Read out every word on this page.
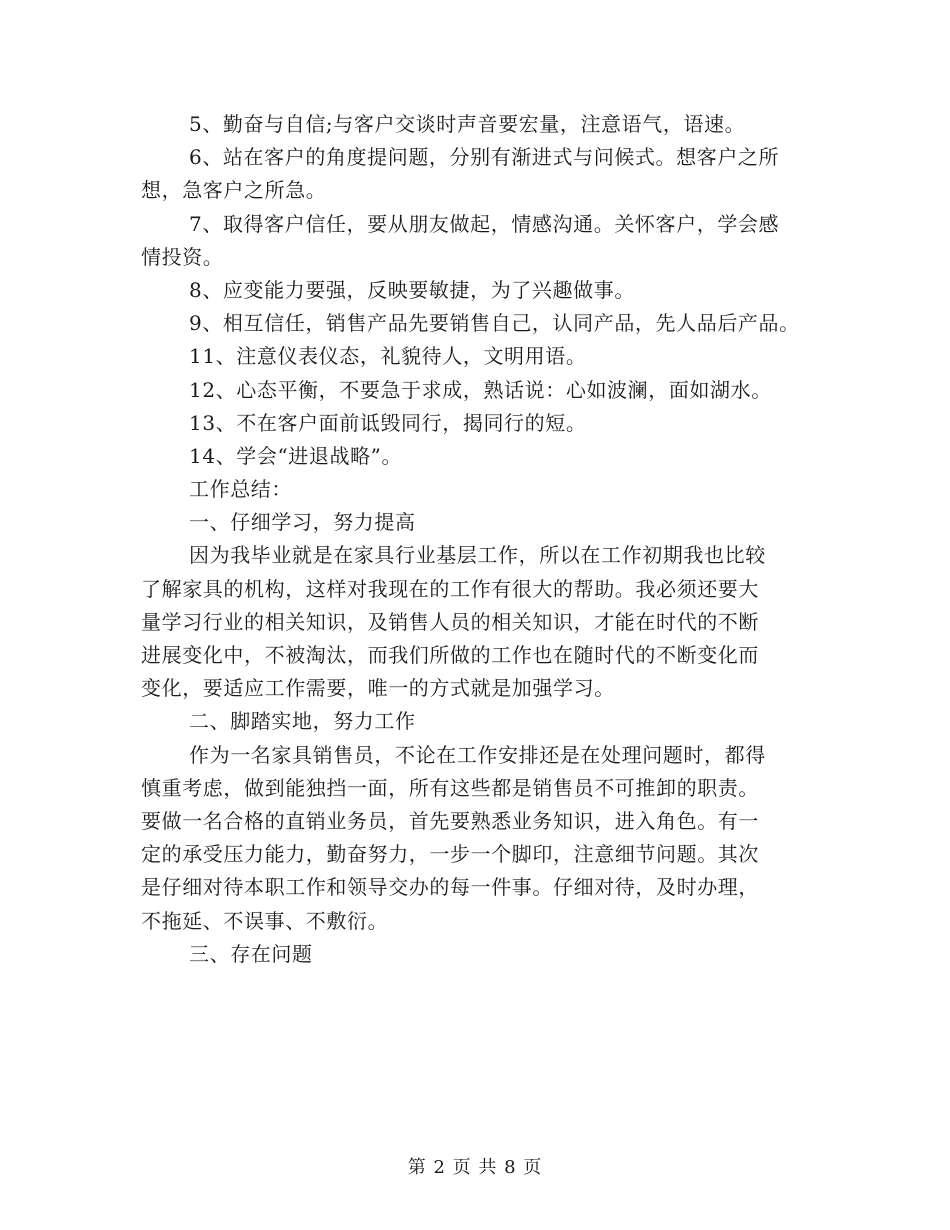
5、勤奋与自信;与客户交谈时声音要宏量，注意语气，语速。
6、站在客户的角度提问题，分别有渐进式与问候式。想客户之所
想，急客户之所急。
7、取得客户信任，要从朋友做起，情感沟通。关怀客户，学会感
情投资。
8、应变能力要强，反映要敏捷，为了兴趣做事。
9、相互信任，销售产品先要销售自己，认同产品，先人品后产品。
11、注意仪表仪态，礼貌待人，文明用语。
12、心态平衡，不要急于求成，熟话说：心如波澜，面如湖水。
13、不在客户面前诋毁同行，揭同行的短。
14、学会“进退战略”。
工作总结：
一、仔细学习，努力提高
因为我毕业就是在家具行业基层工作，所以在工作初期我也比较
了解家具的机构，这样对我现在的工作有很大的帮助。我必须还要大
量学习行业的相关知识，及销售人员的相关知识，才能在时代的不断
进展变化中，不被淘汰，而我们所做的工作也在随时代的不断变化而
变化，要适应工作需要，唯一的方式就是加强学习。
二、脚踏实地，努力工作
作为一名家具销售员，不论在工作安排还是在处理问题时，都得
慎重考虑，做到能独挡一面，所有这些都是销售员不可推卸的职责。
要做一名合格的直销业务员，首先要熟悉业务知识，进入角色。有一
定的承受压力能力，勤奋努力，一步一个脚印，注意细节问题。其次
是仔细对待本职工作和领导交办的每一件事。仔细对待，及时办理，
不拖延、不误事、不敷衍。
三、存在问题
第 2 页 共 8 页
